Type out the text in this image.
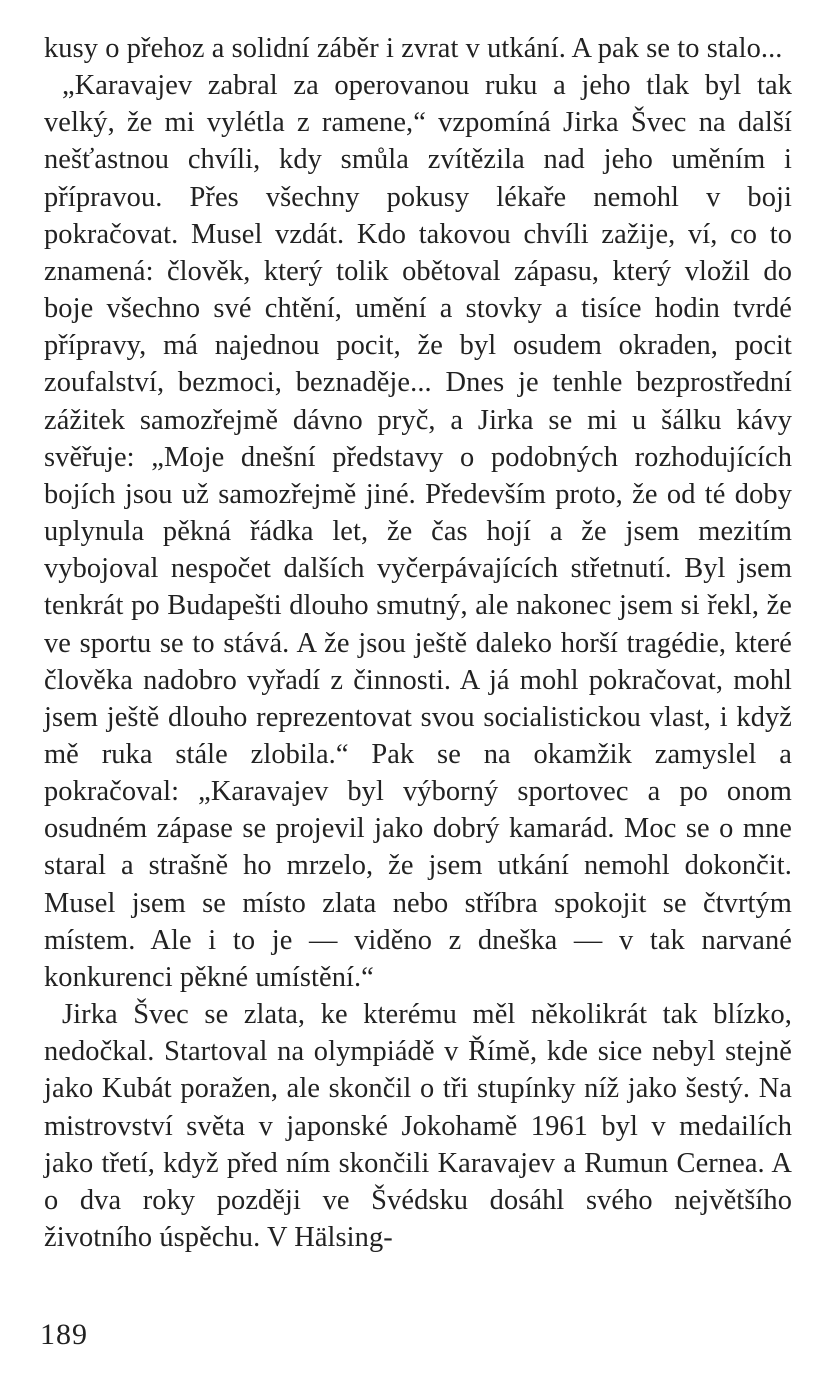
kusy o přehoz a solidní záběr i zvrat v utkání. A pak se to stalo...

„Karavajev zabral za operovanou ruku a jeho tlak byl tak velký, že mi vylétla z ramene,“ vzpomíná Jirka Švec na další nešťastnou chvíli, kdy smůla zvítězila nad jeho uměním i přípravou. Přes všechny pokusy lékaře nemohl v boji pokračovat. Musel vzdát. Kdo takovou chvíli zažije, ví, co to znamená: člověk, který tolik obětoval zápasu, který vložil do boje všechno své chtění, umění a stovky a tisíce hodin tvrdé přípravy, má najednou pocit, že byl osudem okraden, pocit zoufalství, bezmoci, beznaděje... Dnes je tenhle bezprostřední zážitek samozřejmě dávno pryč, a Jirka se mi u šálku kávy svěřuje: „Moje dnešní představy o podobných rozhodujících bojích jsou už samozřejmě jiné. Především proto, že od té doby uplynula pěkná řádka let, že čas hojí a že jsem mezitím vybojoval nespočet dalších vyčerpávajících střetnutí. Byl jsem tenkrát po Budapešti dlouho smutný, ale nakonec jsem si řekl, že ve sportu se to stává. A že jsou ještě daleko horší tragédie, které člověka nadobro vyřadí z činnosti. A já mohl pokračovat, mohl jsem ještě dlouho reprezentovat svou socialistickou vlast, i když mě ruka stále zlobila.“ Pak se na okamžik zamyslel a pokračoval: „Karavajev byl výborný sportovec a po onom osudném zápase se projevil jako dobrý kamarád. Moc se o mne staral a strašně ho mrzelo, že jsem utkání nemohl dokončit. Musel jsem se místo zlata nebo stříbra spokojit se čtvrtým místem. Ale i to je — viděno z dneška — v tak narvané konkurenci pěkné umístění.“

Jirka Švec se zlata, ke kterému měl několikrát tak blízko, nedočkal. Startoval na olympiádě v Římě, kde sice nebyl stejně jako Kubát poražen, ale skončil o tři stupínky níž jako šestý. Na mistrovství světa v japonské Jokohamě 1961 byl v medailích jako třetí, když před ním skončili Karavajev a Rumun Cernea. A o dva roky později ve Švédsku dosáhl svého největšího životního úspěchu. V Hälsing-

189
